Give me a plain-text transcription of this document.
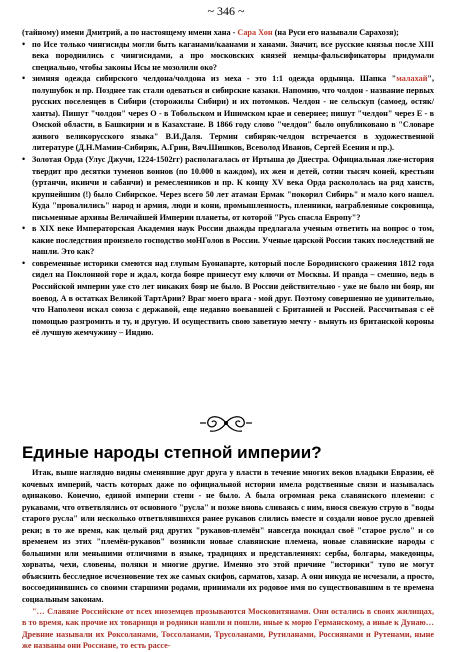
~ 346 ~

(тайному) имени Дмитрий, а по настоящему имени хана - Сара Хон (на Руси его называли Сарахозя);

• по Исе только чингисиды могли быть каганами/каанами и ханами. Значит, все русские князья после XIII века породнились с чингисидами, а про московских князей немцы-фальсификаторы придумали специально, чтобы законы Исы не мозолили око?
• зимняя одежда сибирского челдона/чолдона из меха - это 1:1 одежда ордынца. Шапка "малахай", полушубок и пр. Позднее так стали одеваться и сибирские казаки. Напомню, что чолдон - название первых русских поселенцев в Сибири (сторожилы Сибири) и их потомков. Челдон - не сельскуп (самоед, остяк/ханты). Пишут "чолдон" через О - в Тобольском и Ишимском крае и севернее; пишут "челдон" через Е - в Омской области, в Башкирии и в Казахстане. В 1866 году слово "челдон" было опубликовано в "Словаре живого великорусского языка" В.И.Даля. Термин сибиряк-челдон встречается в художественной литературе (Д.Н.Мамин-Сибиряк, А.Грин, Вяч.Шишков, Всеволод Иванов, Сергей Есенин и пр.).
• Золотая Орда (Улус Джучи, 1224-1502гг) располагалась от Иртыша до Днестра. Официальная лже-история твердит про десятки туменов воинов (по 10.000 в каждом), их жен и детей, сотни тысяч коней, крестьян (уртанчи, икинчи и сабанчи) и ремесленников и пр. К концу XV века Орда раскололась на ряд ханств, крупнейшим (!) было Сибирское. Через всего 50 лет атаман Ермак "покорил Сибирь" и мало кого нашел. Куда "провалились" народ и армия, люди и кони, промышленность, пленники, награбленные сокровища, письменные архивы Величайшей Империи планеты, от которой "Русь спасла Европу"?
• в XIX веке Императорская Академия наук России дважды предлагала ученым ответить на вопрос о том, какие последствия произвело господство моНГолов в России. Ученые царской России таких последствий не нашли. Это как?
• современные историки смеются над глупым Буонапарте, который после Бородинского сражения 1812 года сидел на Поклонной горе и ждал, когда бояре принесут ему ключи от Москвы. И правда – смешно, ведь в Российской империи уже сто лет никаких бояр не было. В России действительно - уже не было ни бояр, ни воевод. А в остатках Великой ТартАрии? Враг моего врага - мой друг. Поэтому совершенно не удивительно, что Наполеон искал союза с державой, еще недавно воевавшей с Британией и Россией. Рассчитывая с её помощью разгромить и ту, и другую. И осуществить свою заветную мечту - вынуть из британской короны её лучшую жемчужину – Индию.
Единые народы степной империи?

Итак, выше наглядно видны сменявшие друг друга у власти в течение многих веков владыки Евразии, её кочевых империй, часть которых даже по официальной истории имела родственные связи и называлась одинаково. Конечно, единой империи степи - не было. А была огромная река славянского племени: с рукавами, что ответвлялись от основного "русла" и позже вновь сливаясь с ним, внося свежую струю в "воды старого русла" или несколько ответвлявшихся ранее рукавов слились вместе и создали новое русло древней реки; в то же время, как целый ряд других "рукавов-племён" навсегда покидал своё "старое русло" и со временем из этих "племён-рукавов" возникли новые славянские племена, новые славянские народы с большими или меньшими отличиями в языке, традициях и представлениях: сербы, болгары, македонцы, хорваты, чехи, словены, поляки и многие другие. Именно это этой причине "историки" тупо не могут объяснить бесследное исчезновение тех же самых скифов, сарматов, хазар. А они никуда не исчезали, а просто, воссоединившись со своими старшими родами, принимали их родовое имя по существовавшим в те времена социальным законам.

"… Славяне Российские от всех иноземцев прозываются Московитянами. Они остались в своих жилищах, в то время, как прочие их товарищи и родники нашли и пошли, иные к морю Германскому, а иные к Дунаю… Древние называли их Роксоланами, Тоссоланами, Трусоланами, Рутиланами, Россиянами и Рутенами, ныне же названы они Россиане, то есть рассе-
